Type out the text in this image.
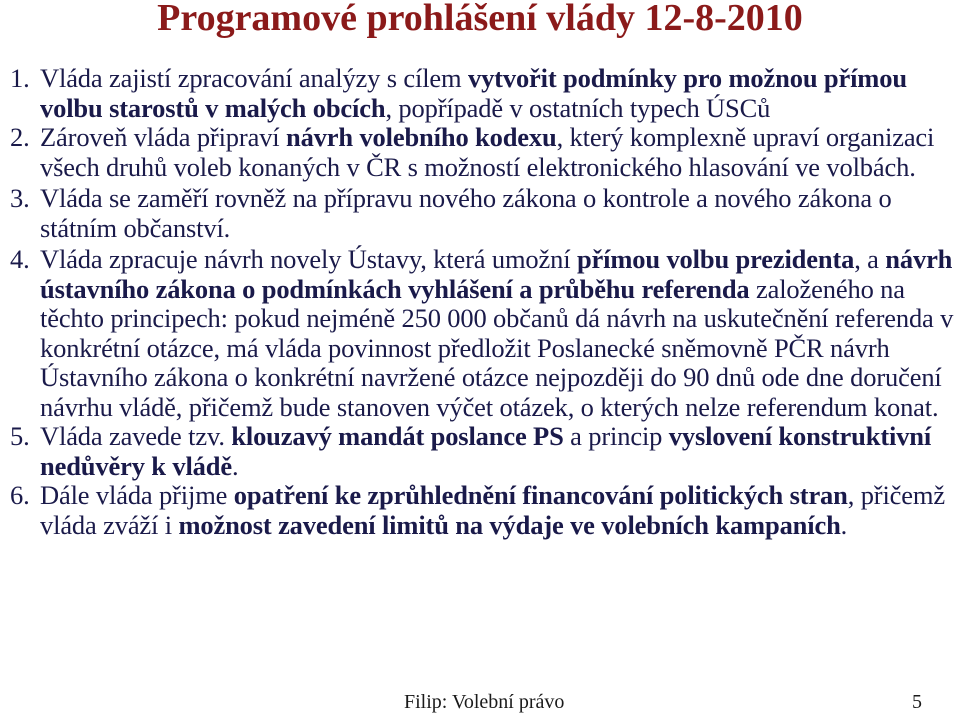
Programové prohlášení vlády 12-8-2010
1. Vláda zajistí zpracování analýzy s cílem vytvořit podmínky pro možnou přímou volbu starostů v malých obcích, popřípadě v ostatních typech ÚSCů
2. Zároveň vláda připraví návrh volebního kodexu, který komplexně upraví organizaci všech druhů voleb konaných v ČR s možností elektronického hlasování ve volbách.
3. Vláda se zaměří rovněž na přípravu nového zákona o kontrole a nového zákona o státním občanství.
4. Vláda zpracuje návrh novely Ústavy, která umožní přímou volbu prezidenta, a návrh ústavního zákona o podmínkách vyhlášení a průběhu referenda založeného na těchto principech: pokud nejméně 250 000 občanů dá návrh na uskutečnění referenda v konkrétní otázce, má vláda povinnost předložit Poslanecké sněmovně PČR návrh Ústavního zákona o konkrétní navržené otázce nejpozději do 90 dnů ode dne doručení návrhu vládě, přičemž bude stanoven výčet otázek, o kterých nelze referendum konat.
5. Vláda zavede tzv. klouzavý mandát poslance PS a princip vyslovení konstruktivní nedůvěry k vládě.
6. Dále vláda přijme opatření ke zprůhlednění financování politických stran, přičemž vláda zváží i možnost zavedení limitů na výdaje ve volebních kampaních.
Filip: Volební právo	5
